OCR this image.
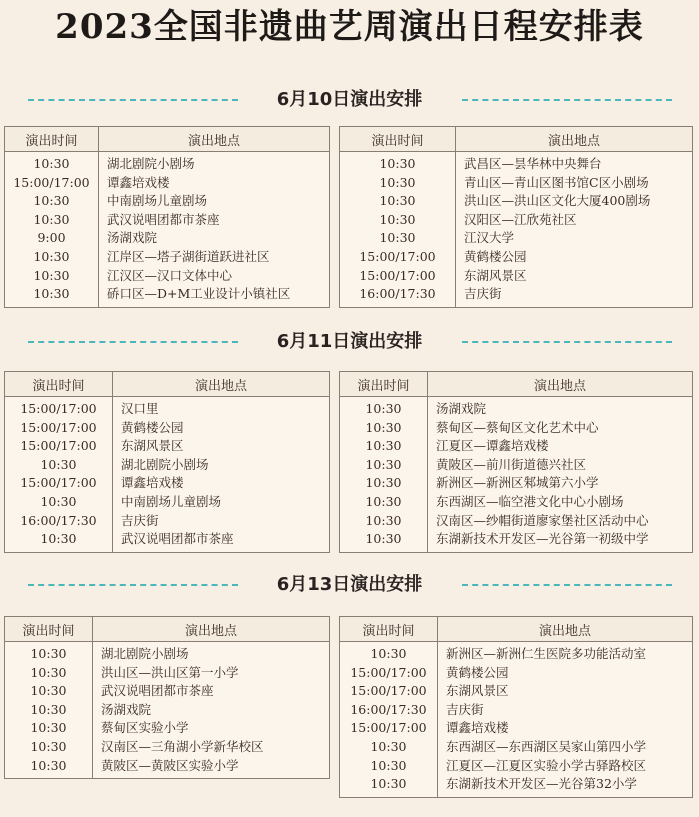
2023全国非遗曲艺周演出日程安排表
6月10日演出安排
演出时间	演出地点
10:30	湖北剧院小剧场
15:00/17:00	谭鑫培戏楼
10:30	中南剧场儿童剧场
10:30	武汉说唱团都市茶座
9:00	汤湖戏院
10:30	江岸区—塔子湖街道跃进社区
10:30	江汉区—汉口文体中心
10:30	硚口区—D+M工业设计小镇社区
演出时间	演出地点
10:30	武昌区—昙华林中央舞台
10:30	青山区—青山区图书馆C区小剧场
10:30	洪山区—洪山区文化大厦400剧场
10:30	汉阳区—江欣苑社区
10:30	江汉大学
15:00/17:00	黄鹤楼公园
15:00/17:00	东湖风景区
16:00/17:30	吉庆街
6月11日演出安排
演出时间	演出地点
15:00/17:00	汉口里
15:00/17:00	黄鹤楼公园
15:00/17:00	东湖风景区
10:30	湖北剧院小剧场
15:00/17:00	谭鑫培戏楼
10:30	中南剧场儿童剧场
16:00/17:30	吉庆街
10:30	武汉说唱团都市茶座
演出时间	演出地点
10:30	汤湖戏院
10:30	蔡甸区—蔡甸区文化艺术中心
10:30	江夏区—谭鑫培戏楼
10:30	黄陂区—前川街道德兴社区
10:30	新洲区—新洲区邾城第六小学
10:30	东西湖区—临空港文化中心小剧场
10:30	汉南区—纱帽街道廖家堡社区活动中心
10:30	东湖新技术开发区—光谷第一初级中学
6月13日演出安排
演出时间	演出地点
10:30	湖北剧院小剧场
10:30	洪山区—洪山区第一小学
10:30	武汉说唱团都市茶座
10:30	汤湖戏院
10:30	蔡甸区实验小学
10:30	汉南区—三角湖小学新华校区
10:30	黄陂区—黄陂区实验小学
演出时间	演出地点
10:30	新洲区—新洲仁生医院多功能活动室
15:00/17:00	黄鹤楼公园
15:00/17:00	东湖风景区
16:00/17:30	吉庆街
15:00/17:00	谭鑫培戏楼
10:30	东西湖区—东西湖区吴家山第四小学
10:30	江夏区—江夏区实验小学古驿路校区
10:30	东湖新技术开发区—光谷第32小学
